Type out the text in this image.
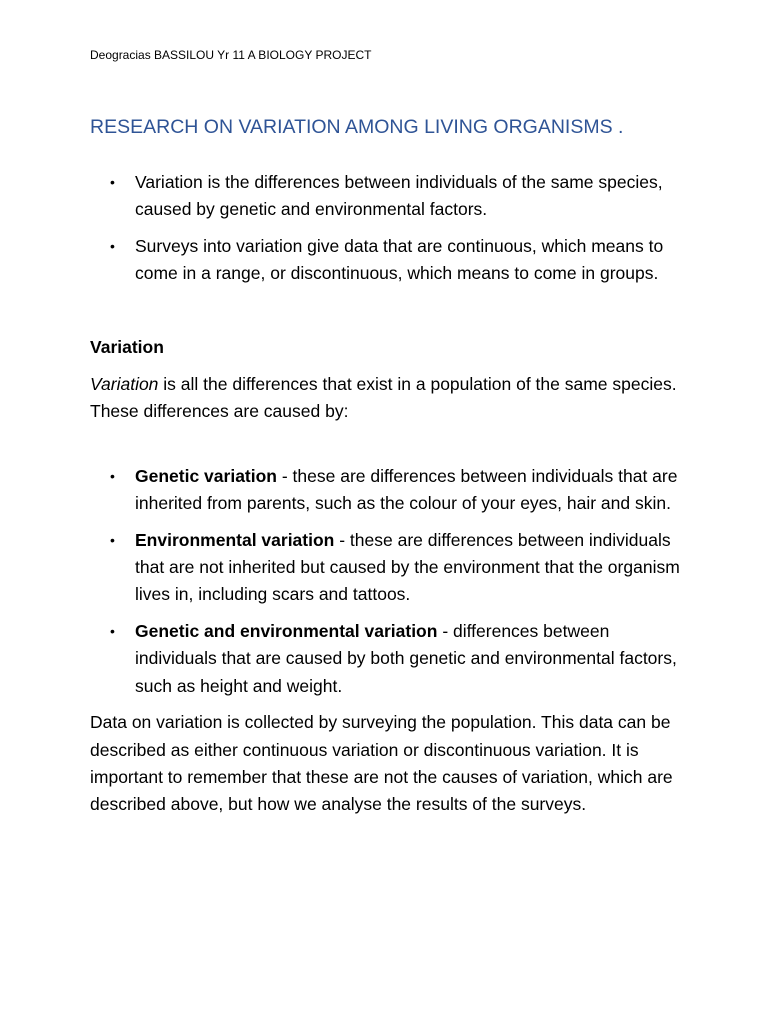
Deogracias BASSILOU Yr 11 A BIOLOGY PROJECT
RESEARCH ON VARIATION AMONG LIVING ORGANISMS .
• Variation is the differences between individuals of the same species, caused by genetic and environmental factors.
• Surveys into variation give data that are continuous, which means to come in a range, or discontinuous, which means to come in groups.

Variation

Variation is all the differences that exist in a population of the same species. These differences are caused by:

• Genetic variation - these are differences between individuals that are inherited from parents, such as the colour of your eyes, hair and skin.
• Environmental variation - these are differences between individuals that are not inherited but caused by the environment that the organism lives in, including scars and tattoos.
• Genetic and environmental variation - differences between individuals that are caused by both genetic and environmental factors, such as height and weight.

Data on variation is collected by surveying the population. This data can be described as either continuous variation or discontinuous variation. It is important to remember that these are not the causes of variation, which are described above, but how we analyse the results of the surveys.
